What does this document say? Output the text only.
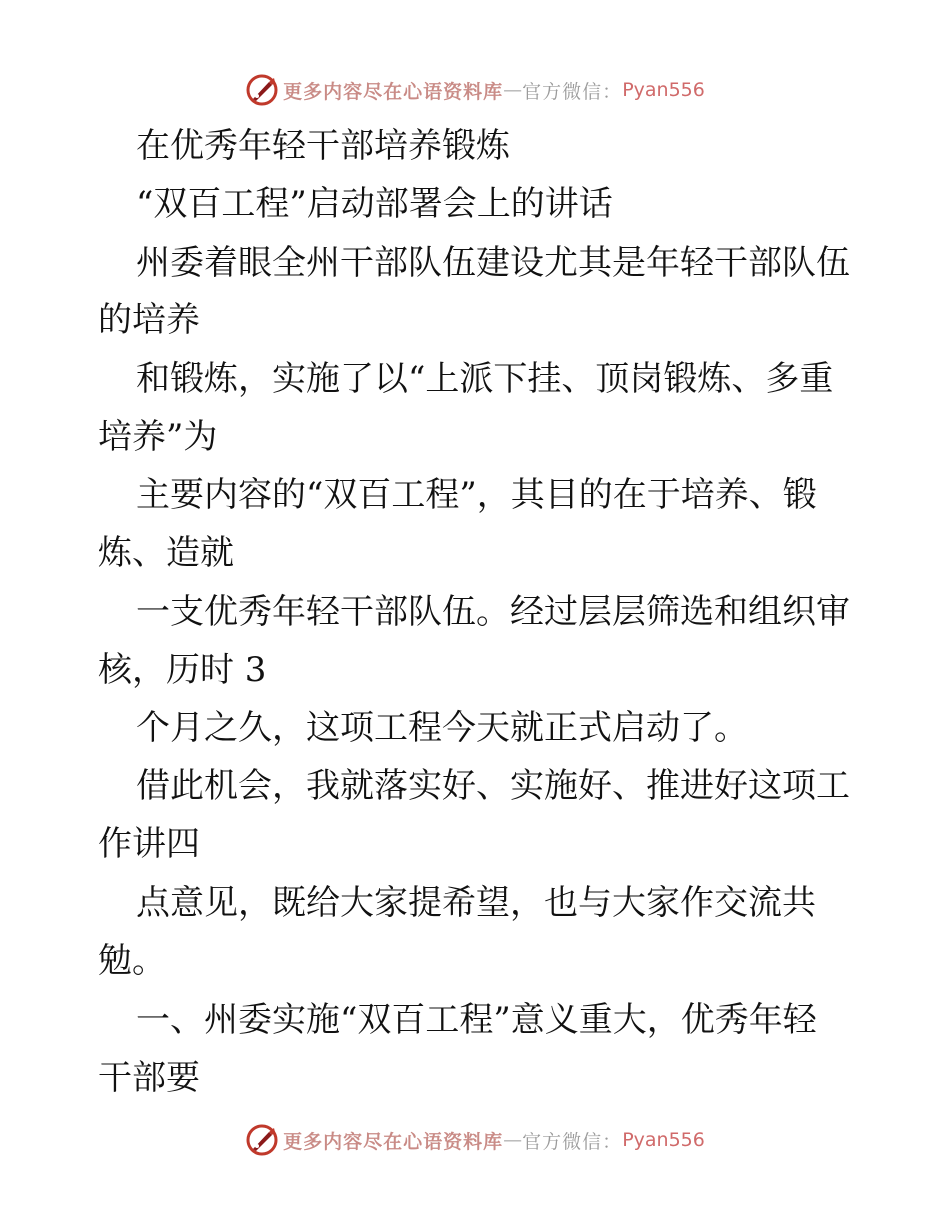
更多内容尽在心语资料库 — 官方微信： Pyan556
在优秀年轻干部培养锻炼
“双百工程”启动部署会上的讲话
州委着眼全州干部队伍建设尤其是年轻干部队伍
的培养
和锻炼，实施了以“上派下挂、顶岗锻炼、多重
培养”为
主要内容的“双百工程”，其目的在于培养、锻
炼、造就
一支优秀年轻干部队伍。经过层层筛选和组织审
核，历时 3
个月之久，这项工程今天就正式启动了。
借此机会，我就落实好、实施好、推进好这项工
作讲四
点意见，既给大家提希望，也与大家作交流共
勉。
一、州委实施“双百工程”意义重大，优秀年轻
干部要
更多内容尽在心语资料库 — 官方微信： Pyan556
